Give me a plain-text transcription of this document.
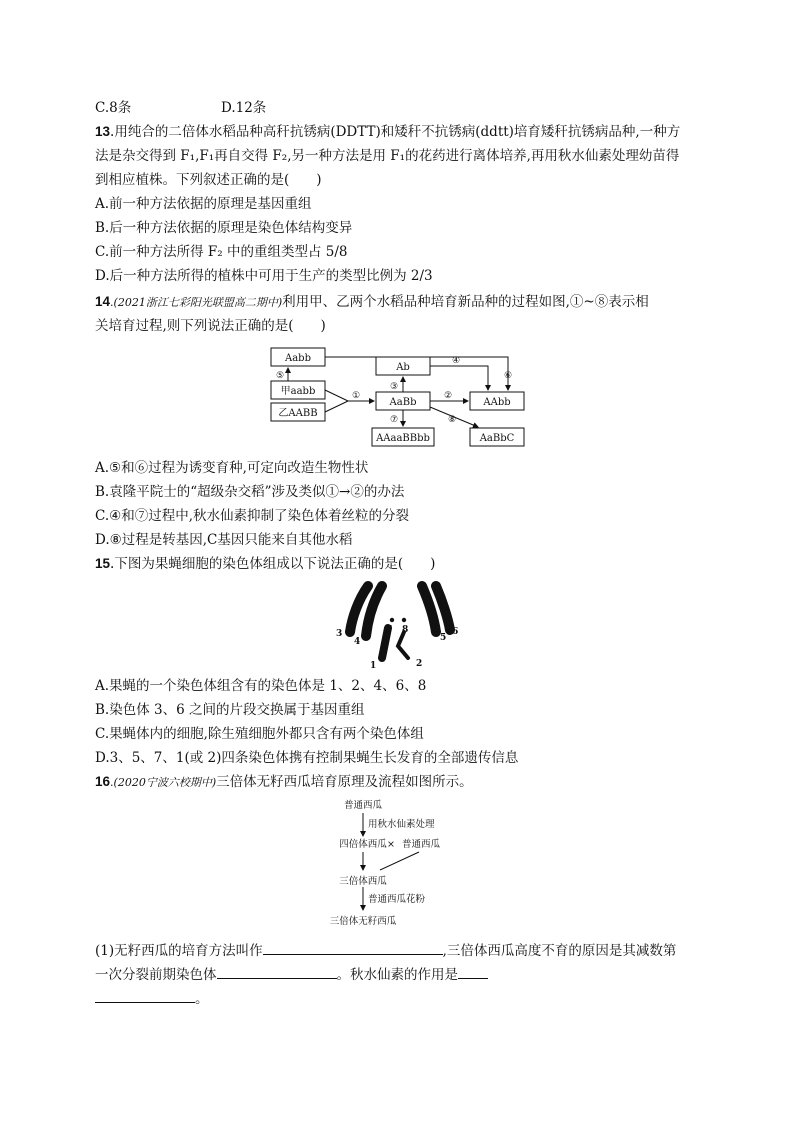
C.8条	D.12条
13.用纯合的二倍体水稻品种高秆抗锈病(DDTT)和矮秆不抗锈病(ddtt)培育矮秆抗锈病品种,一种方
法是杂交得到 F₁,F₁再自交得 F₂,另一种方法是用 F₁的花药进行离体培养,再用秋水仙素处理幼苗得
到相应植株。下列叙述正确的是(　　)
A.前一种方法依据的原理是基因重组
B.后一种方法依据的原理是染色体结构变异
C.前一种方法所得 F₂ 中的重组类型占 5/8
D.后一种方法所得的植株中可用于生产的类型比例为 2/3
14.(2021浙江七彩阳光联盟高二期中)利用甲、乙两个水稻品种培育新品种的过程如图,①~⑧表示相
关培育过程,则下列说法正确的是(　　)
Aabb
甲aabb
乙AABB
Ab
AaBb	AAbb
AAaaBBbb	AaBbC
⑤	⑥
①
③
④
②
⑦	⑧
A.⑤和⑥过程为诱变育种,可定向改造生物性状
B.袁隆平院士的“超级杂交稻”涉及类似①→②的办法
C.④和⑦过程中,秋水仙素抑制了染色体着丝粒的分裂
D.⑧过程是转基因,C基因只能来自其他水稻
15.下图为果蝇细胞的染色体组成以下说法正确的是(　　)
3
4	5
6
7 8
1	2
A.果蝇的一个染色体组含有的染色体是 1、2、4、6、8
B.染色体 3、6 之间的片段交换属于基因重组
C.果蝇体内的细胞,除生殖细胞外都只含有两个染色体组
D.3、5、7、1(或 2)四条染色体携有控制果蝇生长发育的全部遗传信息
16.(2020宁波六校期中)三倍体无籽西瓜培育原理及流程如图所示。
普通西瓜
用秋水仙素处理
四倍体西瓜 × 普通西瓜
三倍体西瓜
普通西瓜花粉
三倍体无籽西瓜
(1)无籽西瓜的培育方法叫作	,三倍体西瓜高度不育的原因是其减数第
一次分裂前期染色体	。秋水仙素的作用是
。
